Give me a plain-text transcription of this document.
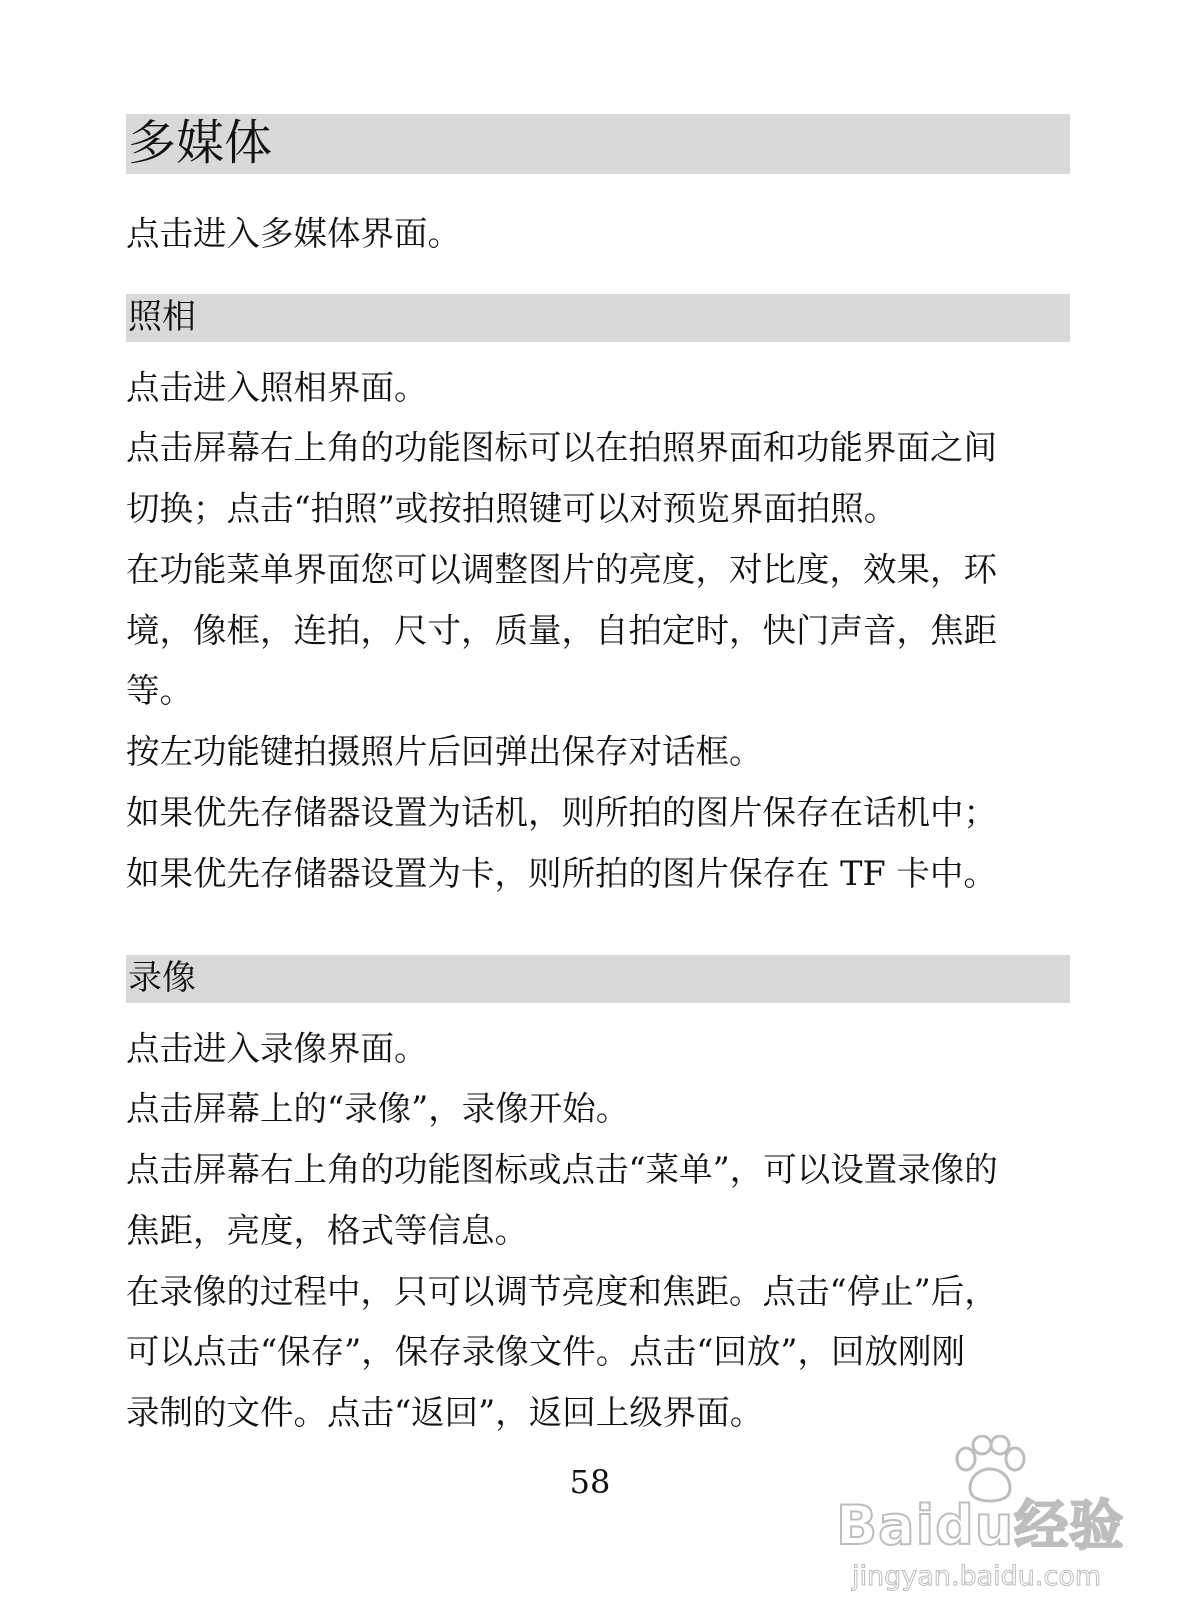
多媒体
点击进入多媒体界面。
照相
点击进入照相界面。
点击屏幕右上角的功能图标可以在拍照界面和功能界面之间
切换；点击“拍照”或按拍照键可以对预览界面拍照。
在功能菜单界面您可以调整图片的亮度，对比度，效果，环
境，像框，连拍，尺寸，质量，自拍定时，快门声音，焦距
等。
按左功能键拍摄照片后回弹出保存对话框。
如果优先存储器设置为话机，则所拍的图片保存在话机中；
如果优先存储器设置为卡，则所拍的图片保存在 TF 卡中。
录像
点击进入录像界面。
点击屏幕上的“录像”，录像开始。
点击屏幕右上角的功能图标或点击“菜单”，可以设置录像的
焦距，亮度，格式等信息。
在录像的过程中，只可以调节亮度和焦距。点击“停止”后，
可以点击“保存”，保存录像文件。点击“回放”，回放刚刚
录制的文件。点击“返回”，返回上级界面。
58
Baidu经验
jingyan.baidu.com
